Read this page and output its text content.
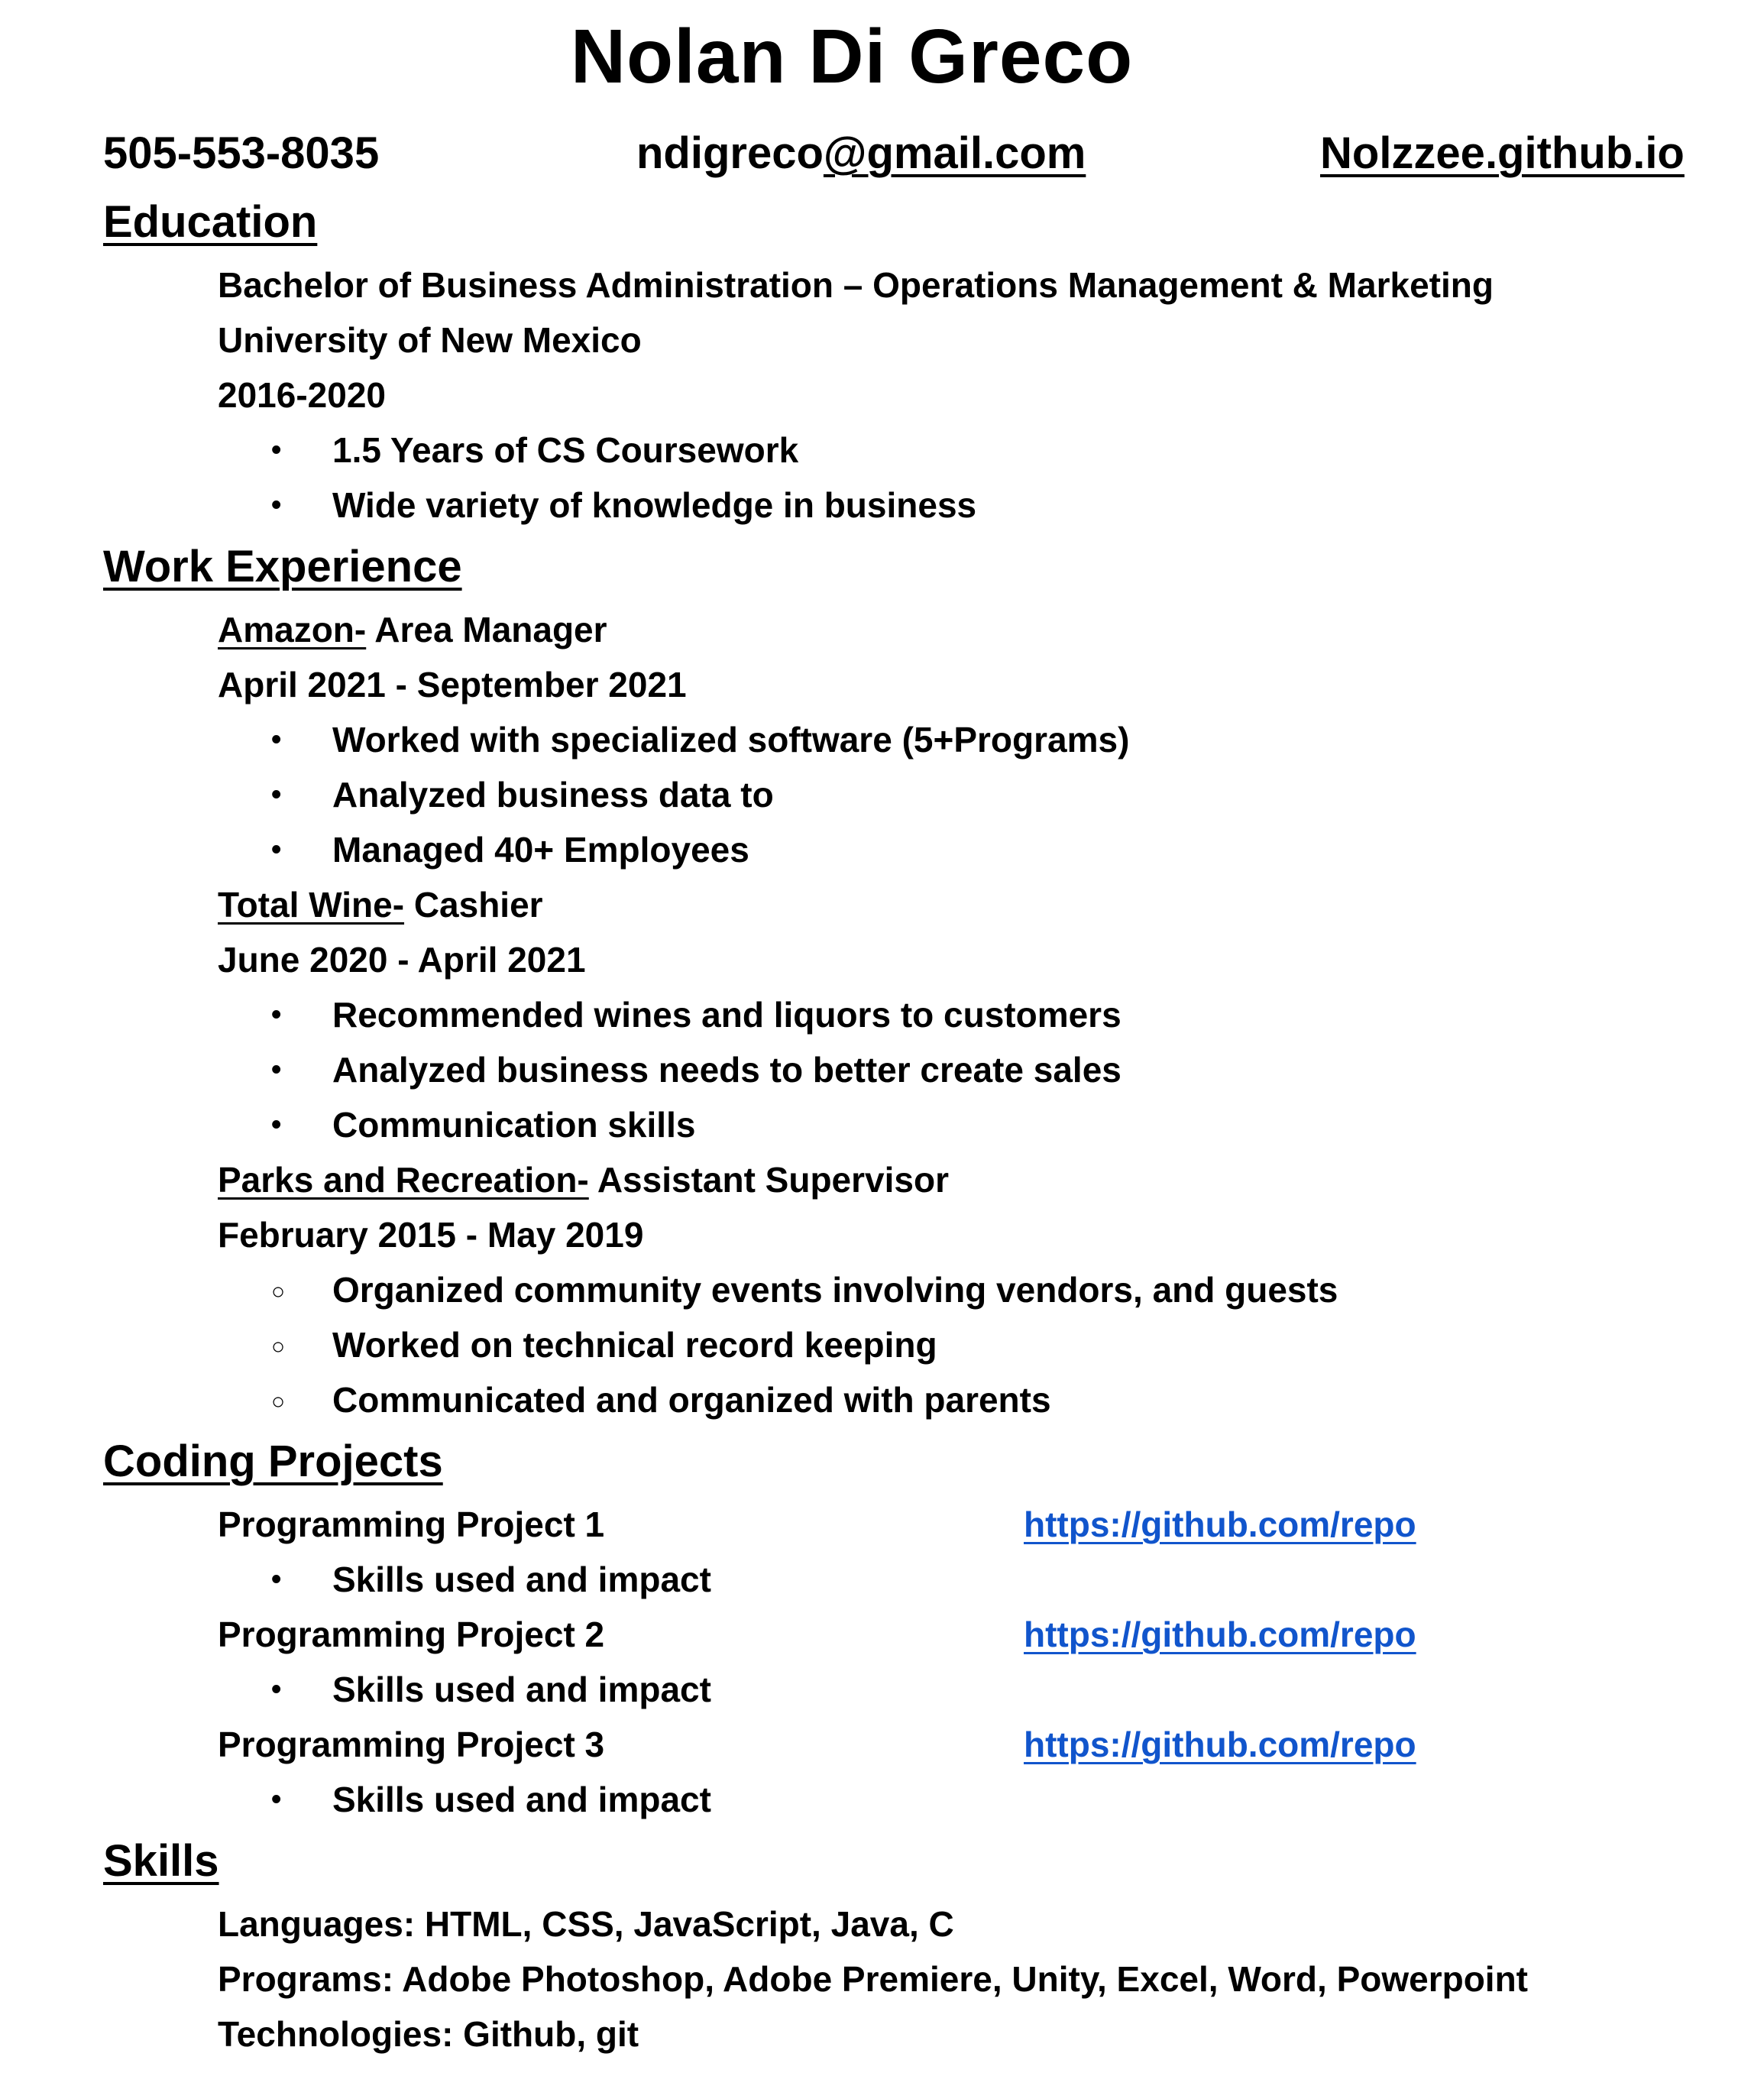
Nolan Di Greco
505-553-8035	ndigreco@gmail.com	Nolzzee.github.io
Education
Bachelor of Business Administration – Operations Management & Marketing
University of New Mexico
2016-2020
•1.5 Years of CS Coursework
•Wide variety of knowledge in business
Work Experience
Amazon- Area Manager
April 2021 - September 2021
•Worked with specialized software (5+Programs)
•Analyzed business data to
•Managed 40+ Employees
Total Wine- Cashier
June 2020 - April 2021
•Recommended wines and liquors to customers
•Analyzed business needs to better create sales
•Communication skills
Parks and Recreation- Assistant Supervisor
February 2015 - May 2019
○Organized community events involving vendors, and guests
○Worked on technical record keeping
○Communicated and organized with parents
Coding Projects
Programming Project 1	https://github.com/repo
•Skills used and impact
Programming Project 2	https://github.com/repo
•Skills used and impact
Programming Project 3	https://github.com/repo
•Skills used and impact
Skills
Languages: HTML, CSS, JavaScript, Java, C
Programs: Adobe Photoshop, Adobe Premiere, Unity, Excel, Word, Powerpoint
Technologies: Github, git
